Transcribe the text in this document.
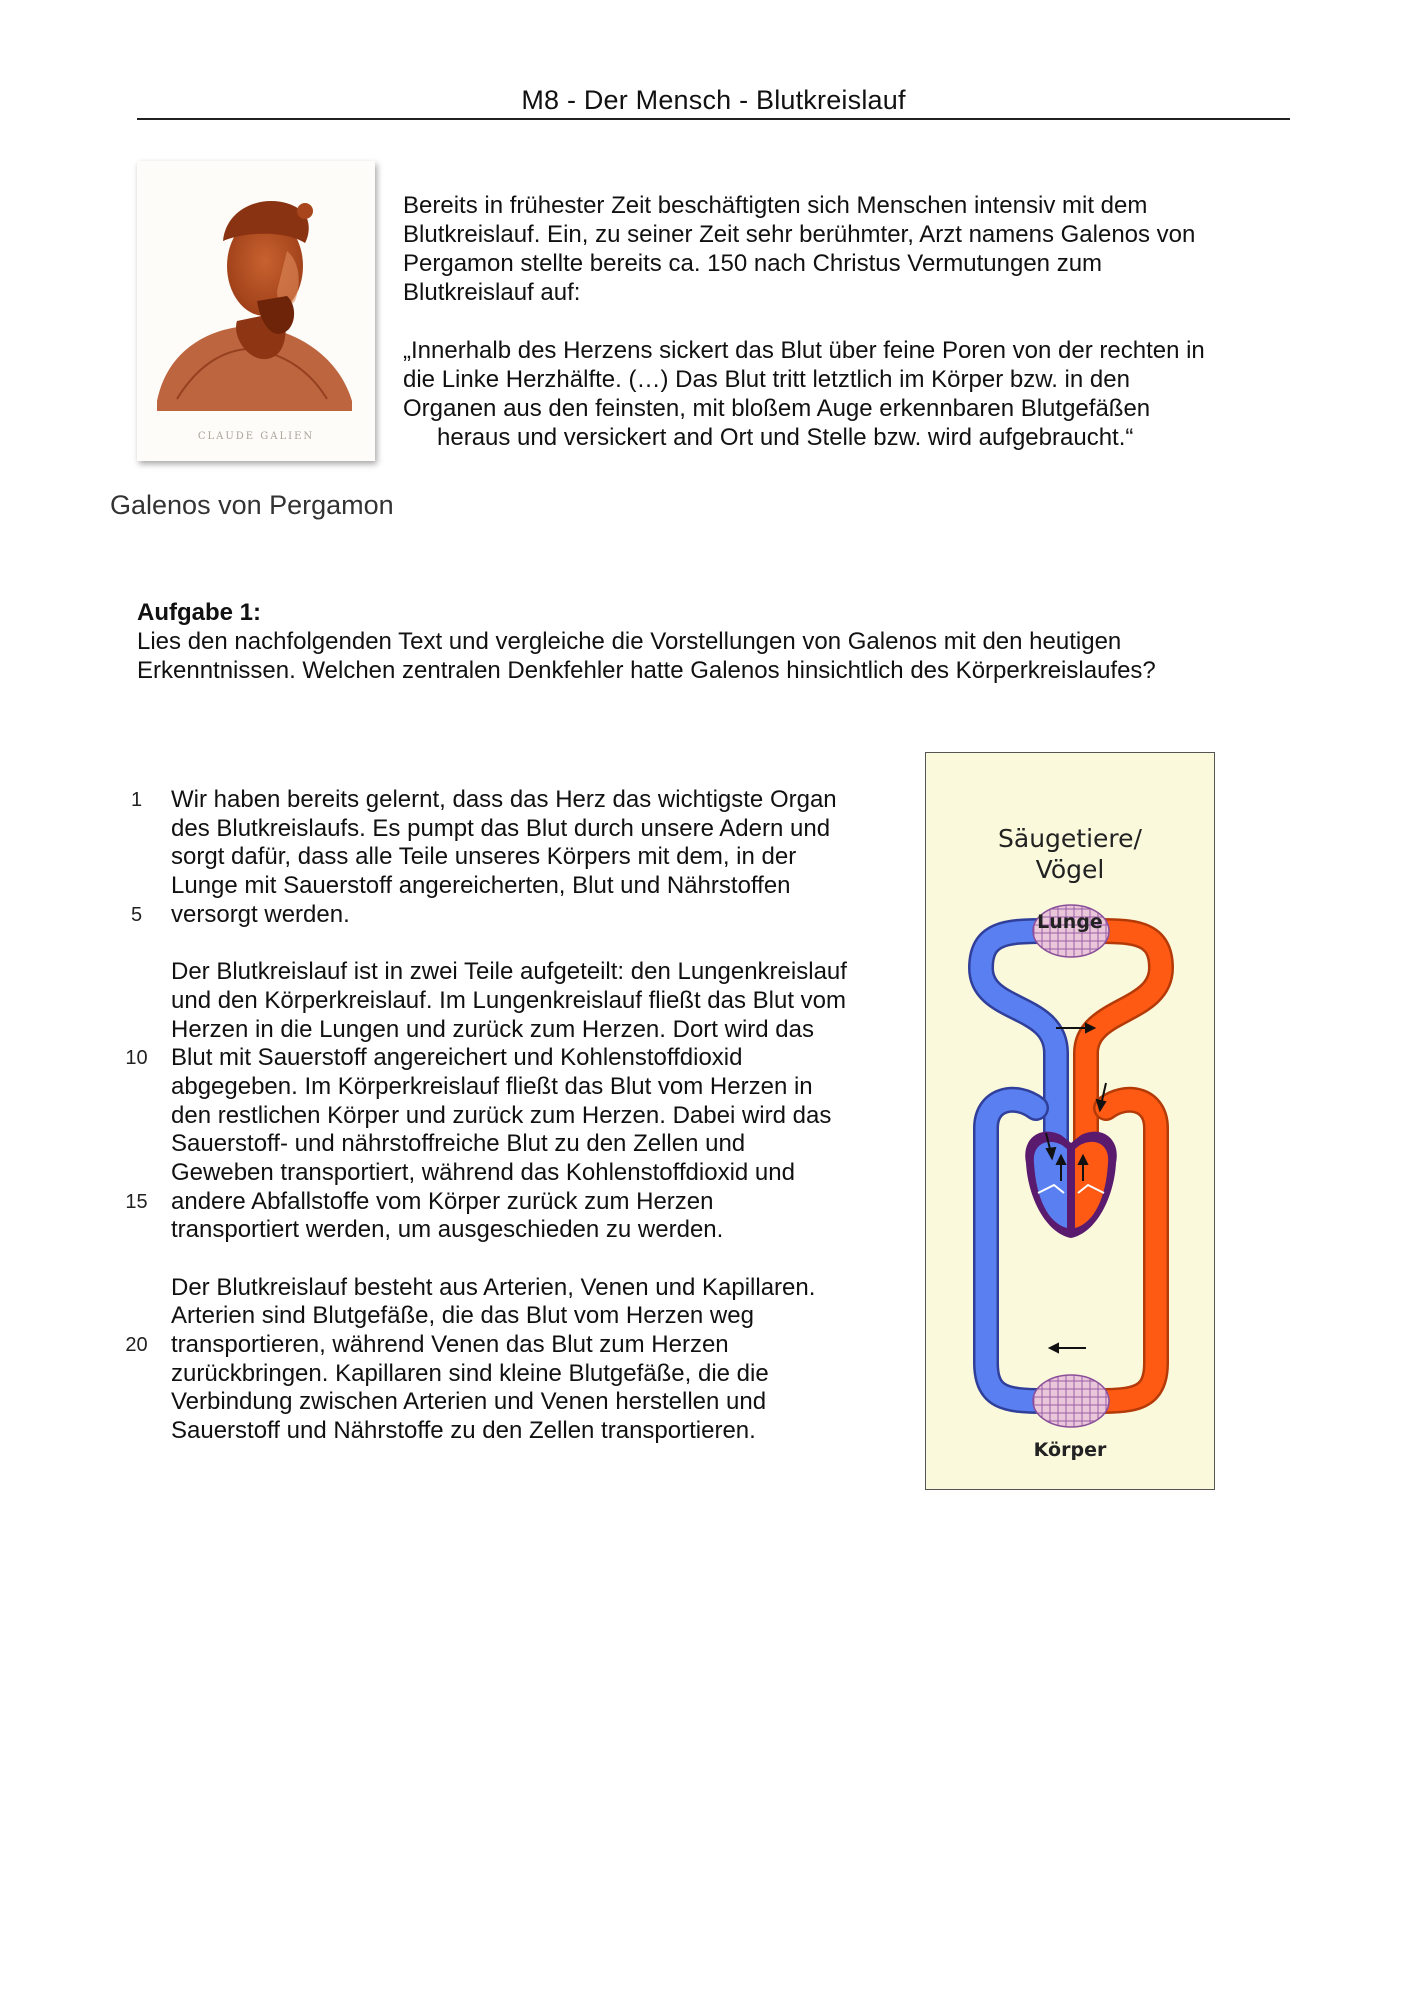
M8 - Der Mensch - Blutkreislauf
CLAUDE GALIEN
Galenos von Pergamon
Bereits in frühester Zeit beschäftigten sich Menschen intensiv mit dem
Blutkreislauf. Ein, zu seiner Zeit sehr berühmter, Arzt namens Galenos von
Pergamon stellte bereits ca. 150 nach Christus Vermutungen zum
Blutkreislauf auf:
„Innerhalb des Herzens sickert das Blut über feine Poren von der rechten in
die Linke Herzhälfte. (…) Das Blut tritt letztlich im Körper bzw. in den
Organen aus den feinsten, mit bloßem Auge erkennbaren Blutgefäßen
heraus und versickert and Ort und Stelle bzw. wird aufgebraucht.“
Aufgabe 1:
Lies den nachfolgenden Text und vergleiche die Vorstellungen von Galenos mit den heutigen
Erkenntnissen. Welchen zentralen Denkfehler hatte Galenos hinsichtlich des Körperkreislaufes?
1	Wir haben bereits gelernt, dass das Herz das wichtigste Organ
des Blutkreislaufs. Es pumpt das Blut durch unsere Adern und
sorgt dafür, dass alle Teile unseres Körpers mit dem, in der
Lunge mit Sauerstoff angereicherten, Blut und Nährstoffen
5	versorgt werden.
Der Blutkreislauf ist in zwei Teile aufgeteilt: den Lungenkreislauf
und den Körperkreislauf. Im Lungenkreislauf fließt das Blut vom
Herzen in die Lungen und zurück zum Herzen. Dort wird das
10 Blut mit Sauerstoff angereichert und Kohlenstoffdioxid
abgegeben. Im Körperkreislauf fließt das Blut vom Herzen in
den restlichen Körper und zurück zum Herzen. Dabei wird das
Sauerstoff- und nährstoffreiche Blut zu den Zellen und
Geweben transportiert, während das Kohlenstoffdioxid und
15 andere Abfallstoffe vom Körper zurück zum Herzen
transportiert werden, um ausgeschieden zu werden.
Der Blutkreislauf besteht aus Arterien, Venen und Kapillaren.
Arterien sind Blutgefäße, die das Blut vom Herzen weg
20 transportieren, während Venen das Blut zum Herzen
zurückbringen. Kapillaren sind kleine Blutgefäße, die die
Verbindung zwischen Arterien und Venen herstellen und
Sauerstoff und Nährstoffe zu den Zellen transportieren.
Säugetiere/
Vögel
Lunge
Körper
